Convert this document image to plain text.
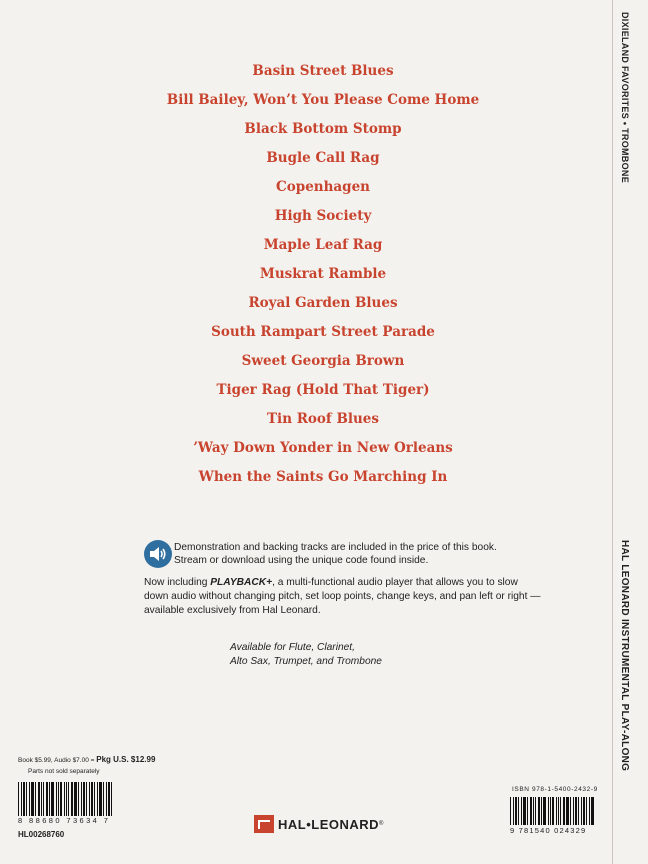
DIXIELAND FAVORITES • TROMBONE
HAL LEONARD INSTRUMENTAL PLAY-ALONG
Basin Street Blues
Bill Bailey, Won’t You Please Come Home
Black Bottom Stomp
Bugle Call Rag
Copenhagen
High Society
Maple Leaf Rag
Muskrat Ramble
Royal Garden Blues
South Rampart Street Parade
Sweet Georgia Brown
Tiger Rag (Hold That Tiger)
Tin Roof Blues
’Way Down Yonder in New Orleans
When the Saints Go Marching In
Demonstration and backing tracks are included in the price of this book.
Stream or download using the unique code found inside.
Now including PLAYBACK+, a multi-functional audio player that allows you to slow down audio without changing pitch, set loop points, change keys, and pan left or right — available exclusively from Hal Leonard.
Available for Flute, Clarinet,
Alto Sax, Trumpet, and Trombone
Book $5.99, Audio $7.00 = Pkg U.S. $12.99
Parts not sold separately
8 88680 73634 7
HL00268760
HAL•LEONARD ®
ISBN 978-1-5400-2432-9
9 781540 024329
